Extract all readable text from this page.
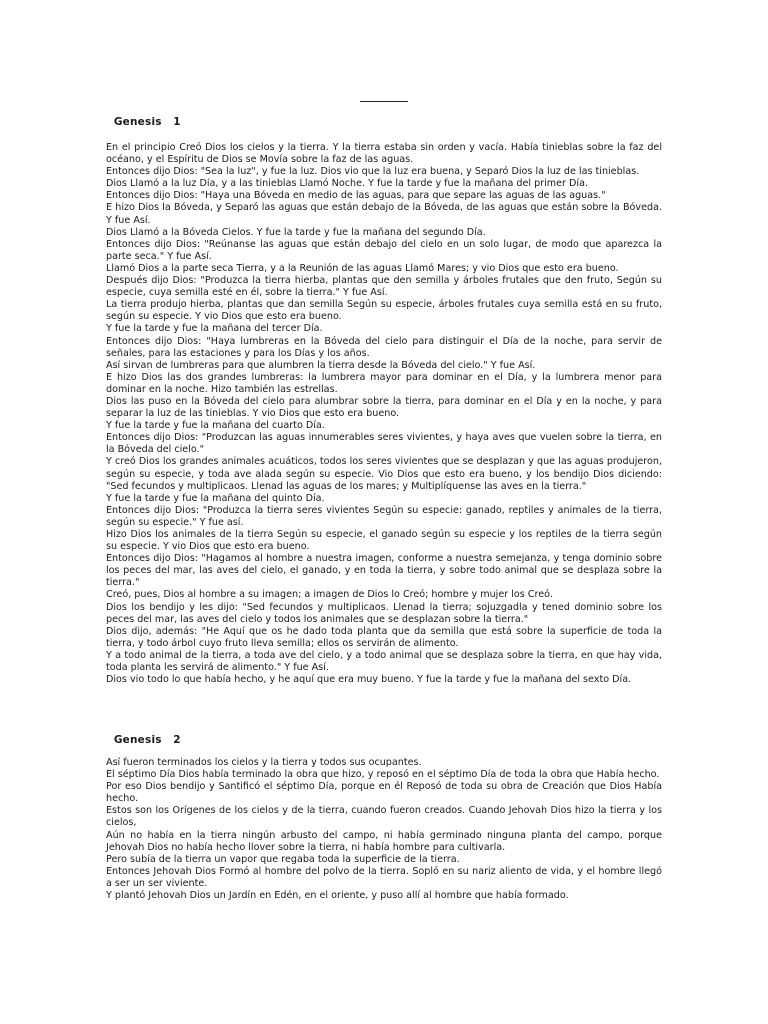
Genesis   1

En el principio Creó Dios los cielos y la tierra. Y la tierra estaba sin orden y vacía. Había tinieblas sobre la faz del océano, y el Espíritu de Dios se Movía sobre la faz de las aguas.

Entonces dijo Dios: "Sea la luz", y fue la luz. Dios vio que la luz era buena, y Separó Dios la luz de las tinieblas.

Dios Llamó a la luz Día, y a las tinieblas Llamó Noche. Y fue la tarde y fue la mañana del primer Día.

Entonces dijo Dios: "Haya una Bóveda en medio de las aguas, para que separe las aguas de las aguas."

E hizo Dios la Bóveda, y Separó las aguas que están debajo de la Bóveda, de las aguas que están sobre la Bóveda. Y fue Así.

Dios Llamó a la Bóveda Cielos. Y fue la tarde y fue la mañana del segundo Día.

Entonces dijo Dios: "Reúnanse las aguas que están debajo del cielo en un solo lugar, de modo que aparezca la parte seca." Y fue Así.

Llamó Dios a la parte seca Tierra, y a la Reunión de las aguas Llamó Mares; y vio Dios que esto era bueno.

Después dijo Dios: "Produzca la tierra hierba, plantas que den semilla y árboles frutales que den fruto, Según su especie, cuya semilla esté en él, sobre la tierra." Y fue Así.

La tierra produjo hierba, plantas que dan semilla Según su especie, árboles frutales cuya semilla está en su fruto, según su especie. Y vio Dios que esto era bueno.

Y fue la tarde y fue la mañana del tercer Día.

Entonces dijo Dios: "Haya lumbreras en la Bóveda del cielo para distinguir el Día de la noche, para servir de señales, para las estaciones y para los Días y los años.

Así sirvan de lumbreras para que alumbren la tierra desde la Bóveda del cielo." Y fue Así.

E hizo Dios las dos grandes lumbreras: la lumbrera mayor para dominar en el Día, y la lumbrera menor para dominar en la noche. Hizo también las estrellas.

Dios las puso en la Bóveda del cielo para alumbrar sobre la tierra, para dominar en el Día y en la noche, y para separar la luz de las tinieblas. Y vio Dios que esto era bueno.

Y fue la tarde y fue la mañana del cuarto Día.

Entonces dijo Dios: "Produzcan las aguas innumerables seres vivientes, y haya aves que vuelen sobre la tierra, en la Bóveda del cielo."

Y creó Dios los grandes animales acuáticos, todos los seres vivientes que se desplazan y que las aguas produjeron, según su especie, y toda ave alada según su especie. Vio Dios que esto era bueno, y los bendijo Dios diciendo: "Sed fecundos y multiplicaos. Llenad las aguas de los mares; y Multiplíquense las aves en la tierra."

Y fue la tarde y fue la mañana del quinto Día.

Entonces dijo Dios: "Produzca la tierra seres vivientes Según su especie: ganado, reptiles y animales de la tierra, según su especie." Y fue así.

Hizo Dios los animales de la tierra Según su especie, el ganado según su especie y los reptiles de la tierra según su especie. Y vio Dios que esto era bueno.

Entonces dijo Dios: "Hagamos al hombre a nuestra imagen, conforme a nuestra semejanza, y tenga dominio sobre los peces del mar, las aves del cielo, el ganado, y en toda la tierra, y sobre todo animal que se desplaza sobre la tierra."

Creó, pues, Dios al hombre a su imagen; a imagen de Dios lo Creó; hombre y mujer los Creó.

Dios los bendijo y les dijo: "Sed fecundos y multiplicaos. Llenad la tierra; sojuzgadla y tened dominio sobre los peces del mar, las aves del cielo y todos los animales que se desplazan sobre la tierra."

Dios dijo, además: "He Aquí que os he dado toda planta que da semilla que está sobre la superficie de toda la tierra, y todo árbol cuyo fruto lleva semilla; ellos os servirán de alimento.

Y a todo animal de la tierra, a toda ave del cielo, y a todo animal que se desplaza sobre la tierra, en que hay vida, toda planta les servirá de alimento." Y fue Así.

Dios vio todo lo que había hecho, y he aquí que era muy bueno. Y fue la tarde y fue la mañana del sexto Día.

Genesis   2

Así fueron terminados los cielos y la tierra y todos sus ocupantes.

El séptimo Día Dios había terminado la obra que hizo, y reposó en el séptimo Día de toda la obra que Había hecho.

Por eso Dios bendijo y Santificó el séptimo Día, porque en él Reposó de toda su obra de Creación que Dios Había hecho.

Estos son los Orígenes de los cielos y de la tierra, cuando fueron creados. Cuando Jehovah Dios hizo la tierra y los cielos,

Aún no había en la tierra ningún arbusto del campo, ni había germinado ninguna planta del campo, porque Jehovah Dios no había hecho llover sobre la tierra, ni había hombre para cultivarla.

Pero subía de la tierra un vapor que regaba toda la superficie de la tierra.

Entonces Jehovah Dios Formó al hombre del polvo de la tierra. Sopló en su nariz aliento de vida, y el hombre llegó a ser un ser viviente.

Y plantó Jehovah Dios un Jardín en Edén, en el oriente, y puso allí al hombre que había formado.
